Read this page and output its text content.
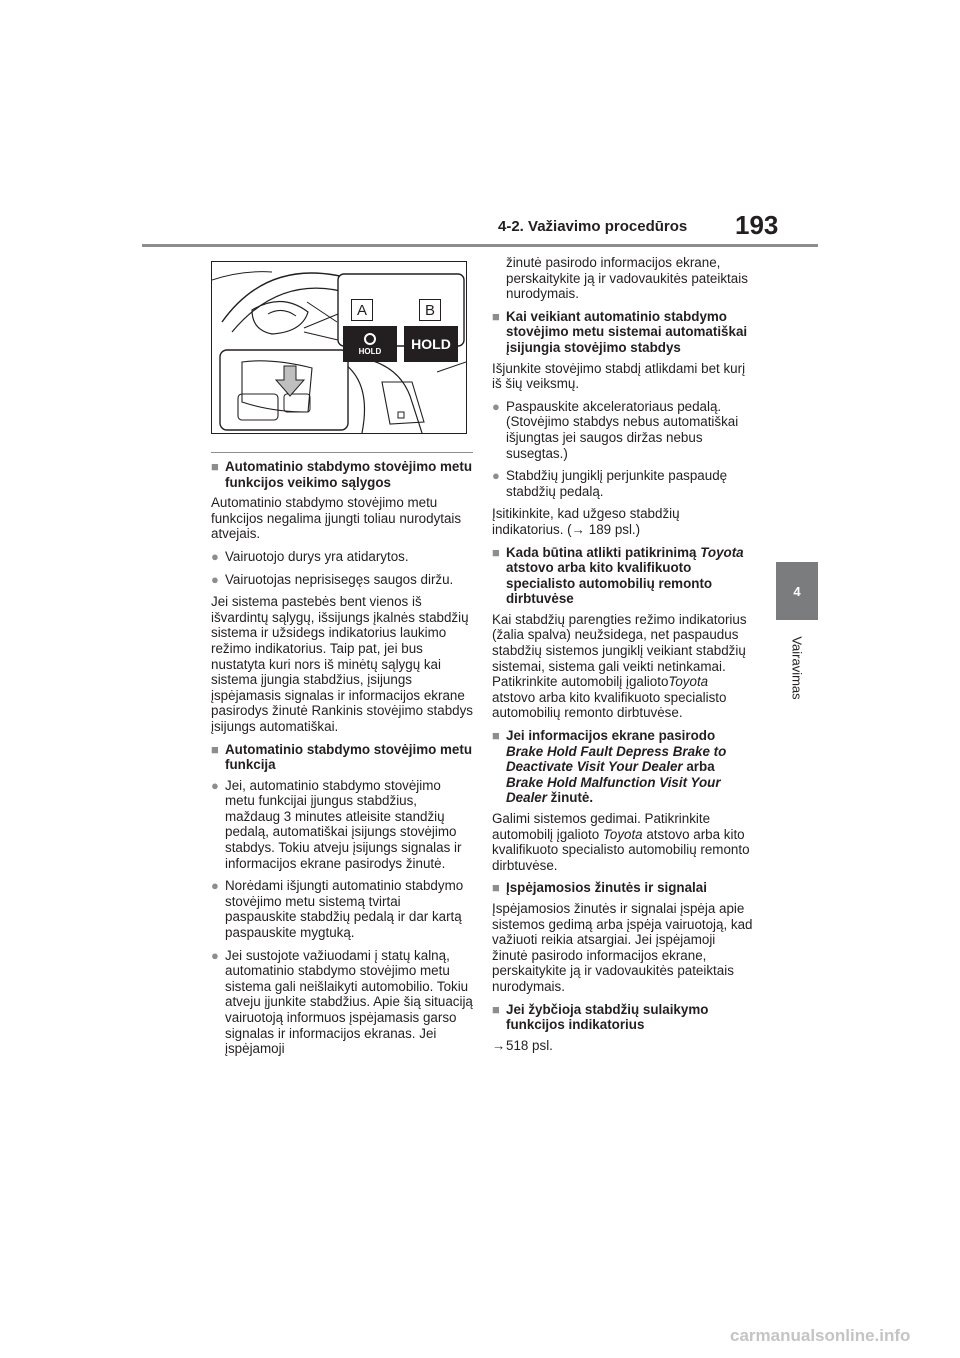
4-2. Važiavimo procedūros 193
4
Vairavimas
A	B
HOLD HOLD
■ Automatinio stabdymo stovėjimo metu funkcijos veikimo sąlygos

Automatinio stabdymo stovėjimo metu funkcijos negalima įjungti toliau nurodytais atvejais.

● Vairuotojo durys yra atidarytos.
● Vairuotojas neprisisegęs saugos diržu.

Jei sistema pastebės bent vienos iš išvardintų sąlygų, išsijungs įkalnės stabdžių sistema ir užsidegs indikatorius laukimo režimo indikatorius. Taip pat, jei bus nustatyta kuri nors iš minėtų sąlygų kai sistema įjungia stabdžius, įsijungs įspėjamasis signalas ir informacijos ekrane pasirodys žinutė Rankinis stovėjimo stabdys įsijungs automatiškai.

■ Automatinio stabdymo stovėjimo metu funkcija
● Jei, automatinio stabdymo stovėjimo metu funkcijai įjungus stabdžius, maždaug 3 minutes atleisite standžių pedalą, automatiškai įsijungs stovėjimo stabdys. Tokiu atveju įsijungs signalas ir informacijos ekrane pasirodys žinutė.
● Norėdami išjungti automatinio stabdymo stovėjimo metu sistemą tvirtai paspauskite stabdžių pedalą ir dar kartą paspauskite mygtuką.
● Jei sustojote važiuodami į statų kalną, automatinio stabdymo stovėjimo metu sistema gali neišlaikyti automobilio. Tokiu atveju įjunkite stabdžius. Apie šią situaciją vairuotoją informuos įspėjamasis garso signalas ir informacijos ekranas. Jei įspėjamoji
žinutė pasirodo informacijos ekrane, perskaitykite ją ir vadovaukitės pateiktais nurodymais.
■ Kai veikiant automatinio stabdymo stovėjimo metu sistemai automatiškai įsijungia stovėjimo stabdys

Išjunkite stovėjimo stabdį atlikdami bet kurį iš šių veiksmų.

● Paspauskite akceleratoriaus pedalą. (Stovėjimo stabdys nebus automatiškai išjungtas jei saugos diržas nebus susegtas.)
● Stabdžių jungiklį perjunkite paspaudę stabdžių pedalą.

Įsitikinkite, kad užgeso stabdžių indikatorius. (→ 189 psl.)

■ Kada būtina atlikti patikrinimą Toyota atstovo arba kito kvalifikuoto specialisto automobilių remonto dirbtuvėse

Kai stabdžių parengties režimo indikatorius (žalia spalva) neužsidega, net paspaudus stabdžių sistemos jungiklį veikiant stabdžių sistemai, sistema gali veikti netinkamai. Patikrinkite automobilį įgaliotoToyota atstovo arba kito kvalifikuoto specialisto automobilių remonto dirbtuvėse.

■ Jei informacijos ekrane pasirodo Brake Hold Fault Depress Brake to Deactivate Visit Your Dealer arba Brake Hold Malfunction Visit Your Dealer žinutė.

Galimi sistemos gedimai. Patikrinkite automobilį įgalioto Toyota atstovo arba kito kvalifikuoto specialisto automobilių remonto dirbtuvėse.

■ Įspėjamosios žinutės ir signalai

Įspėjamosios žinutės ir signalai įspėja apie sistemos gedimą arba įspėja vairuotoją, kad važiuoti reikia atsargiai. Jei įspėjamoji žinutė pasirodo informacijos ekrane, perskaitykite ją ir vadovaukitės pateiktais nurodymais.

■ Jei žybčioja stabdžių sulaikymo funkcijos indikatorius
→ 518 psl.
carmanualsonline.info
